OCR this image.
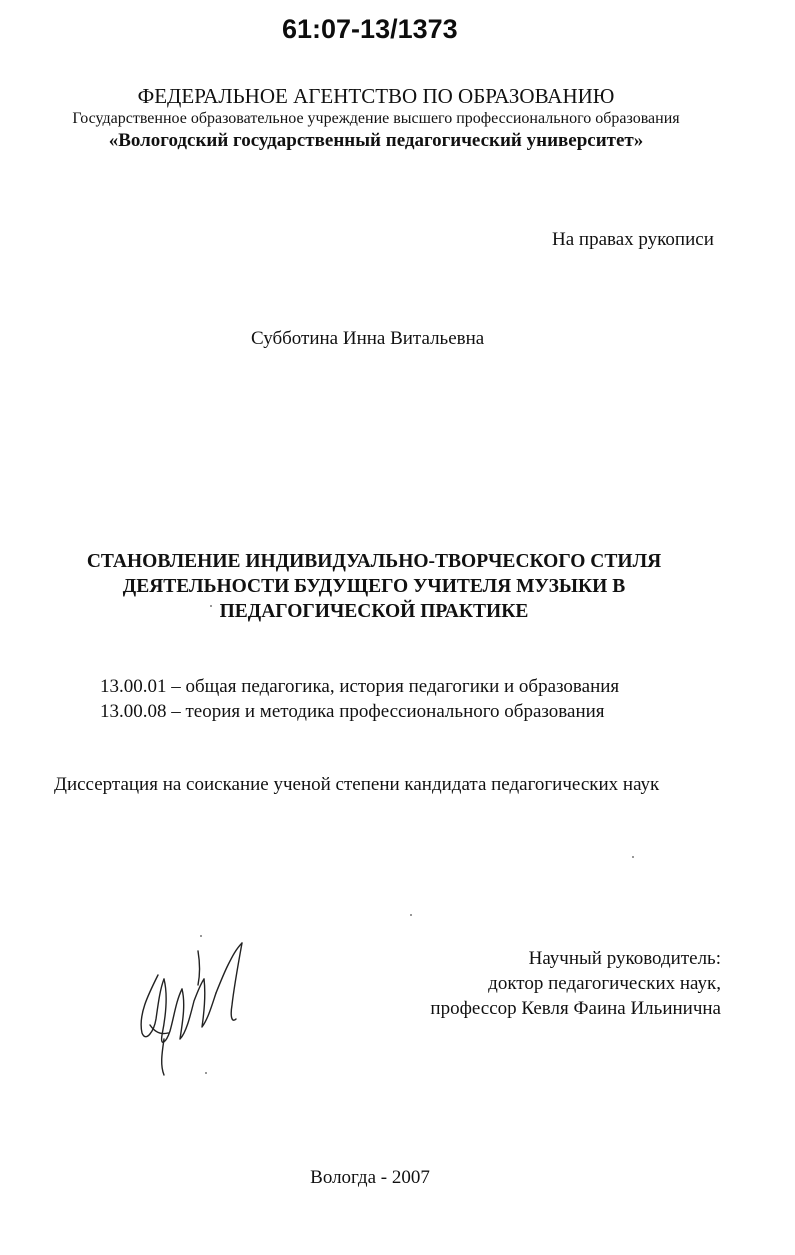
61:07-13/1373

ФЕДЕРАЛЬНОЕ АГЕНТСТВО ПО ОБРАЗОВАНИЮ

Государственное образовательное учреждение высшего профессионального образования

«Вологодский государственный педагогический университет»

На правах рукописи

Субботина Инна Витальевна

СТАНОВЛЕНИЕ ИНДИВИДУАЛЬНО-ТВОРЧЕСКОГО СТИЛЯ
ДЕЯТЕЛЬНОСТИ БУДУЩЕГО УЧИТЕЛЯ МУЗЫКИ В
ПЕДАГОГИЧЕСКОЙ ПРАКТИКЕ

13.00.01 – общая педагогика, история педагогики и образования

13.00.08 – теория и методика профессионального образования

Диссертация на соискание ученой степени кандидата педагогических наук

Научный руководитель:
доктор педагогических наук,
профессор Кевля Фаина Ильинична

Вологда - 2007
